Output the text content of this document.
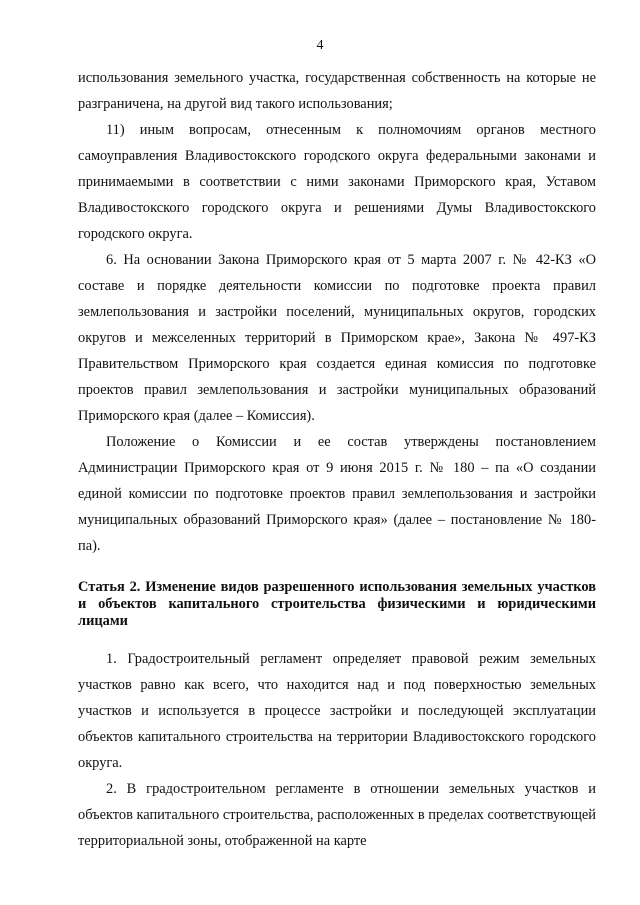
4

использования земельного участка, государственная собственность на которые не разграничена, на другой вид такого использования;

11) иным вопросам, отнесенным к полномочиям органов местного самоуправления Владивостокского городского округа федеральными законами и принимаемыми в соответствии с ними законами Приморского края, Уставом Владивостокского городского округа и решениями Думы Владивостокского городского округа.

6. На основании Закона Приморского края от 5 марта 2007 г. № 42-КЗ «О составе и порядке деятельности комиссии по подготовке проекта правил землепользования и застройки поселений, муниципальных округов, городских округов и межселенных территорий в Приморском крае», Закона № 497-КЗ Правительством Приморского края создается единая комиссия по подготовке проектов правил землепользования и застройки муниципальных образований Приморского края (далее – Комиссия).

Положение о Комиссии и ее состав утверждены постановлением Администрации Приморского края от 9 июня 2015 г. № 180 – па «О создании единой комиссии по подготовке проектов правил землепользования и застройки муниципальных образований Приморского края» (далее – постановление № 180-па).

Статья 2. Изменение видов разрешенного использования земельных участков и объектов капитального строительства физическими и юридическими лицами

1. Градостроительный регламент определяет правовой режим земельных участков равно как всего, что находится над и под поверхностью земельных участков и используется в процессе застройки и последующей эксплуатации объектов капитального строительства на территории Владивостокского городского округа.

2. В градостроительном регламенте в отношении земельных участков и объектов капитального строительства, расположенных в пределах соответствующей территориальной зоны, отображенной на карте
